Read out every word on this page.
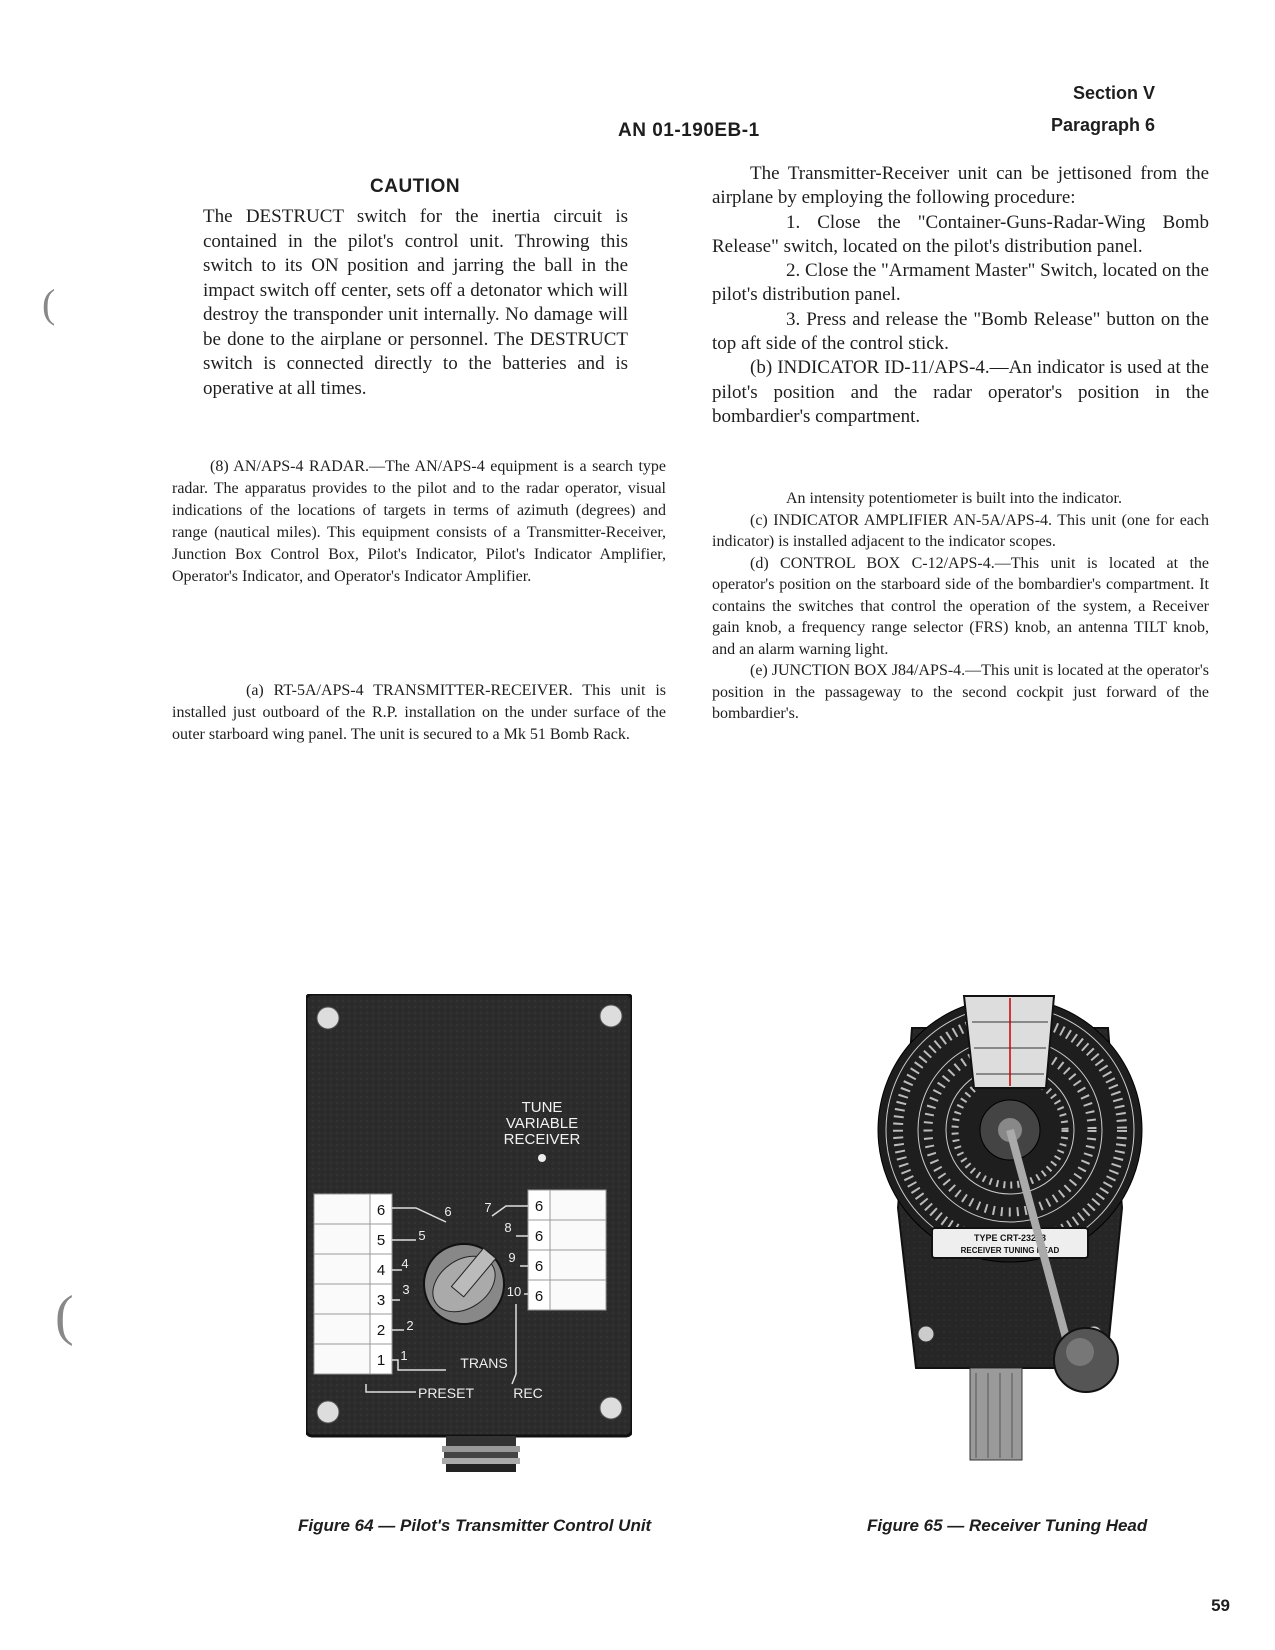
AN 01-190EB-1
Section V
Paragraph 6
CAUTION
The DESTRUCT switch for the inertia circuit is contained in the pilot's control unit. Throwing this switch to its ON position and jarring the ball in the impact switch off center, sets off a detonator which will destroy the transponder unit internally. No damage will be done to the airplane or personnel. The DESTRUCT switch is connected directly to the batteries and is operative at all times.

(8) AN/APS-4 RADAR.—The AN/APS-4 equipment is a search type radar. The apparatus provides to the pilot and to the radar operator, visual indications of the locations of targets in terms of azimuth (degrees) and range (nautical miles). This equipment consists of a Transmitter-Receiver, Junction Box Control Box, Pilot's Indicator, Pilot's Indicator Amplifier, Operator's Indicator, and Operator's Indicator Amplifier.

(a) RT-5A/APS-4 TRANSMITTER-RECEIVER. This unit is installed just outboard of the R.P. installation on the under surface of the outer starboard wing panel. The unit is secured to a Mk 51 Bomb Rack.

The Transmitter-Receiver unit can be jettisoned from the airplane by employing the following procedure:

1. Close the "Container-Guns-Radar-Wing Bomb Release" switch, located on the pilot's distribution panel.

2. Close the "Armament Master" Switch, located on the pilot's distribution panel.

3. Press and release the "Bomb Release" button on the top aft side of the control stick.

(b) INDICATOR ID-11/APS-4.—An indicator is used at the pilot's position and the radar operator's position in the bombardier's compartment.

An intensity potentiometer is built into the indicator.

(c) INDICATOR AMPLIFIER AN-5A/APS-4. This unit (one for each indicator) is installed adjacent to the indicator scopes.

(d) CONTROL BOX C-12/APS-4.—This unit is located at the operator's position on the starboard side of the bombardier's compartment. It contains the switches that control the operation of the system, a Receiver gain knob, a frequency range selector (FRS) knob, an antenna TILT knob, and an alarm warning light.

(e) JUNCTION BOX J84/APS-4.—This unit is located at the operator's position in the passageway to the second cockpit just forward of the bombardier's.

TUNE
VARIABLE
RECEIVER
6
5
4
3
2
1
6
6
6
6
1
2
3
4
5
6	7
8
9
10
TRANS
PRESET	REC
TYPE CRT-23253
RECEIVER TUNING HEAD
Figure 64 — Pilot's Transmitter Control Unit	Figure 65 — Receiver Tuning Head
59
(
(
